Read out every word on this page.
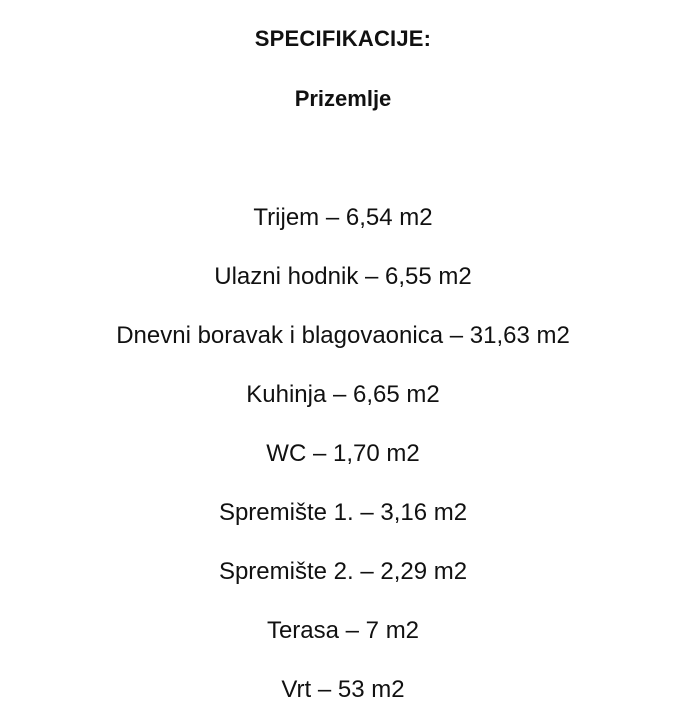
SPECIFIKACIJE:
Prizemlje
Trijem – 6,54 m2
Ulazni hodnik – 6,55 m2
Dnevni boravak i blagovaonica – 31,63 m2
Kuhinja – 6,65 m2
WC – 1,70 m2
Spremište 1. – 3,16 m2
Spremište 2. – 2,29 m2
Terasa – 7 m2
Vrt – 53 m2
